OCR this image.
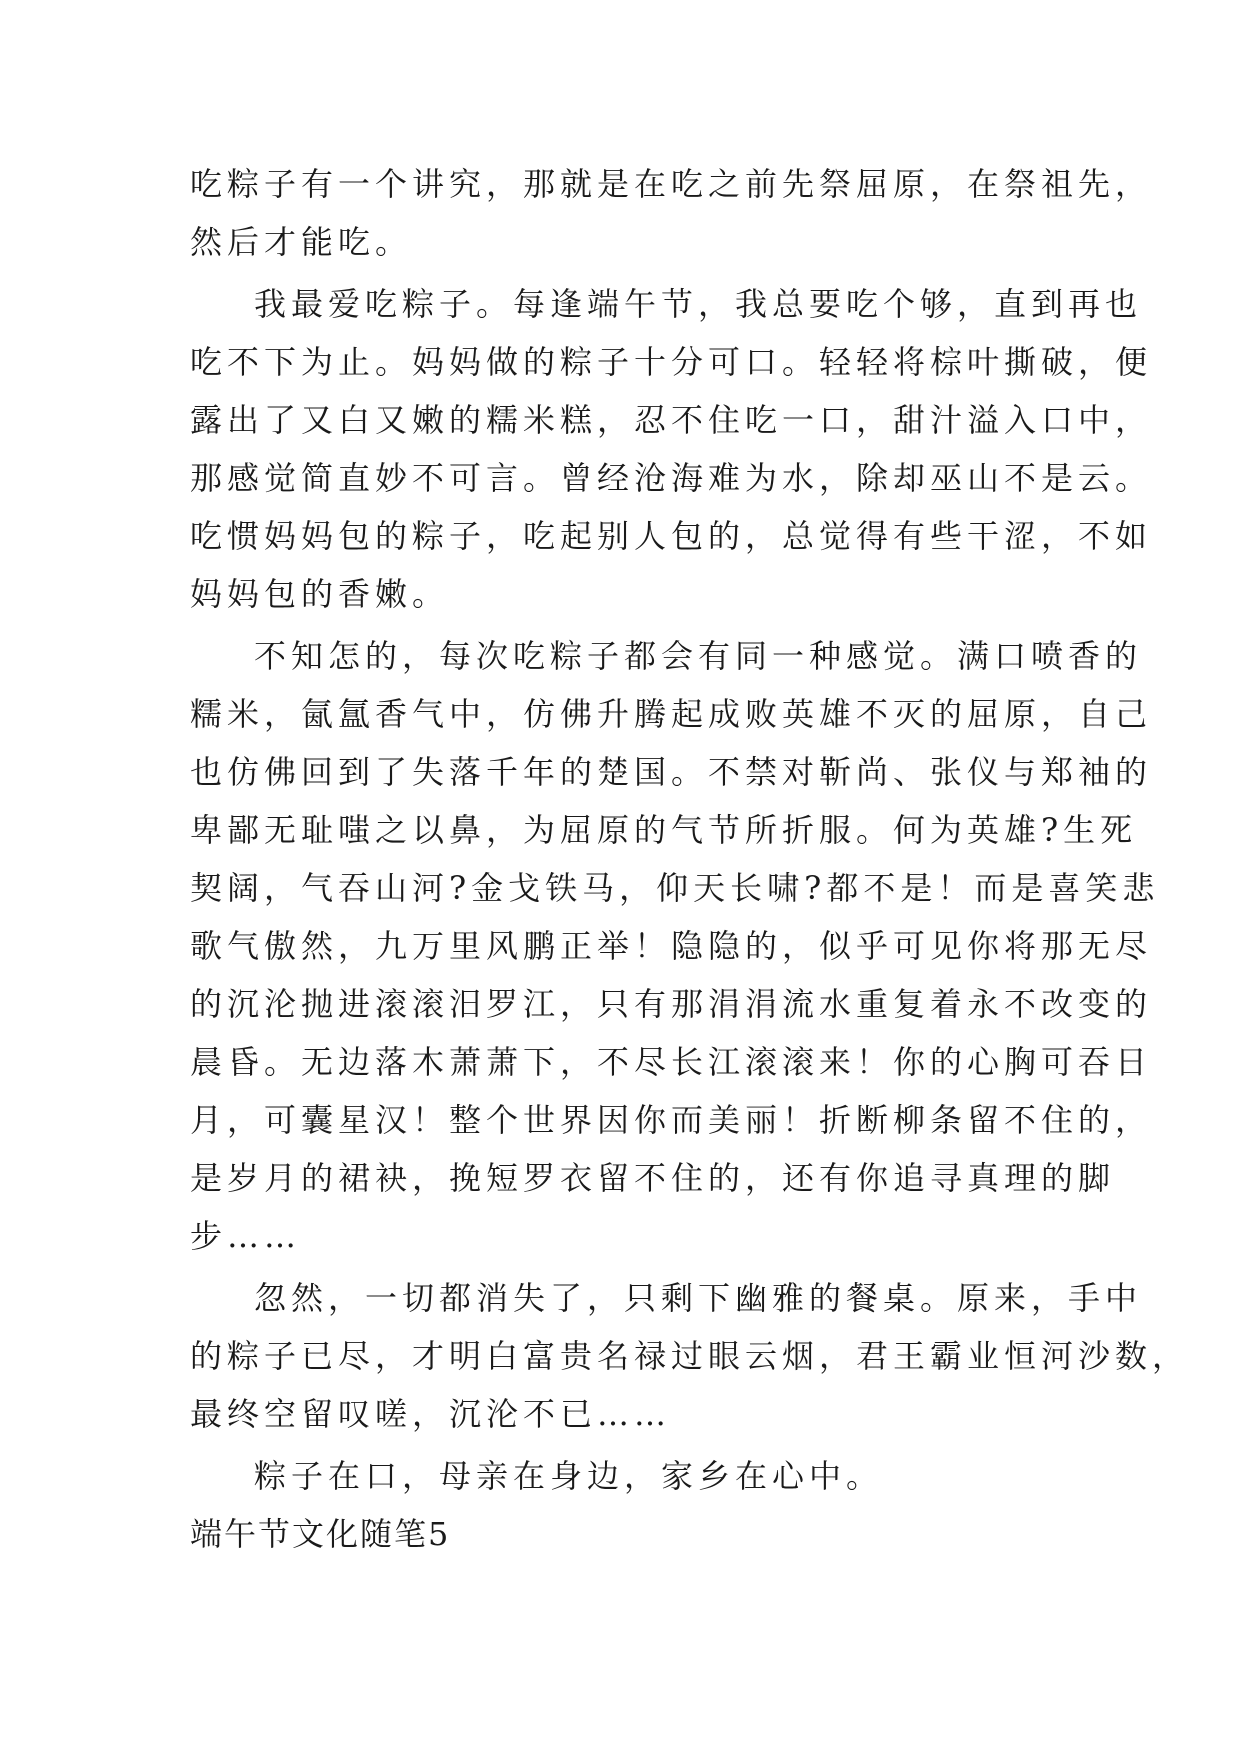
吃粽子有一个讲究，那就是在吃之前先祭屈原，在祭祖先，
然后才能吃。
我最爱吃粽子。每逢端午节，我总要吃个够，直到再也
吃不下为止。妈妈做的粽子十分可口。轻轻将棕叶撕破，便
露出了又白又嫩的糯米糕，忍不住吃一口，甜汁溢入口中，
那感觉简直妙不可言。曾经沧海难为水，除却巫山不是云。
吃惯妈妈包的粽子，吃起别人包的，总觉得有些干涩，不如
妈妈包的香嫩。
不知怎的，每次吃粽子都会有同一种感觉。满口喷香的
糯米，氤氲香气中，仿佛升腾起成败英雄不灭的屈原，自己
也仿佛回到了失落千年的楚国。不禁对靳尚、张仪与郑袖的
卑鄙无耻嗤之以鼻，为屈原的气节所折服。何为英雄?生死
契阔，气吞山河?金戈铁马，仰天长啸?都不是！而是喜笑悲
歌气傲然，九万里风鹏正举！隐隐的，似乎可见你将那无尽
的沉沦抛进滚滚汨罗江，只有那涓涓流水重复着永不改变的
晨昏。无边落木萧萧下，不尽长江滚滚来！你的心胸可吞日
月，可囊星汉！整个世界因你而美丽！折断柳条留不住的，
是岁月的裙袂，挽短罗衣留不住的，还有你追寻真理的脚
步……
忽然，一切都消失了，只剩下幽雅的餐桌。原来，手中
的粽子已尽，才明白富贵名禄过眼云烟，君王霸业恒河沙数，
最终空留叹嗟，沉沦不已……
粽子在口，母亲在身边，家乡在心中。
端午节文化随笔5
